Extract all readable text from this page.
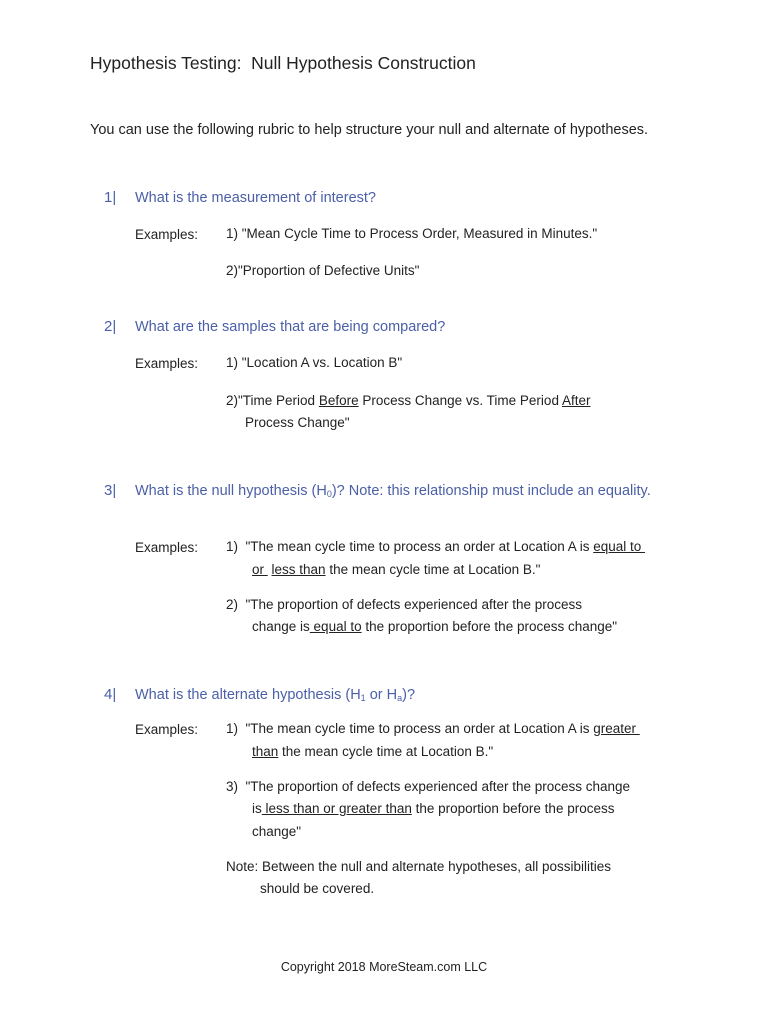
Hypothesis Testing:  Null Hypothesis Construction
You can use the following rubric to help structure your null and alternate of hypotheses.
1| What is the measurement of interest?
Examples: 1) "Mean Cycle Time to Process Order, Measured in Minutes."
2)"Proportion of Defective Units"
2| What are the samples that are being compared?
Examples: 1) "Location A vs. Location B"
2)"Time Period Before Process Change vs. Time Period After
Process Change"
3| What is the null hypothesis $(H_0)$? Note: this relationship must include an equality.
Examples: 1)  "The mean cycle time to process an order at Location A is equal to
or  less than the mean cycle time at Location B."
2)  "The proportion of defects experienced after the process
change is equal to the proportion before the process change"
4| What is the alternate hypothesis ($H_1$ or $H_a$)?
Examples: 1)  "The mean cycle time to process an order at Location A is greater
than the mean cycle time at Location B."
3)  "The proportion of defects experienced after the process change
is less than or greater than the proportion before the process
change"
Note: Between the null and alternate hypotheses, all possibilities
should be covered.
Copyright 2018 MoreSteam.com LLC
